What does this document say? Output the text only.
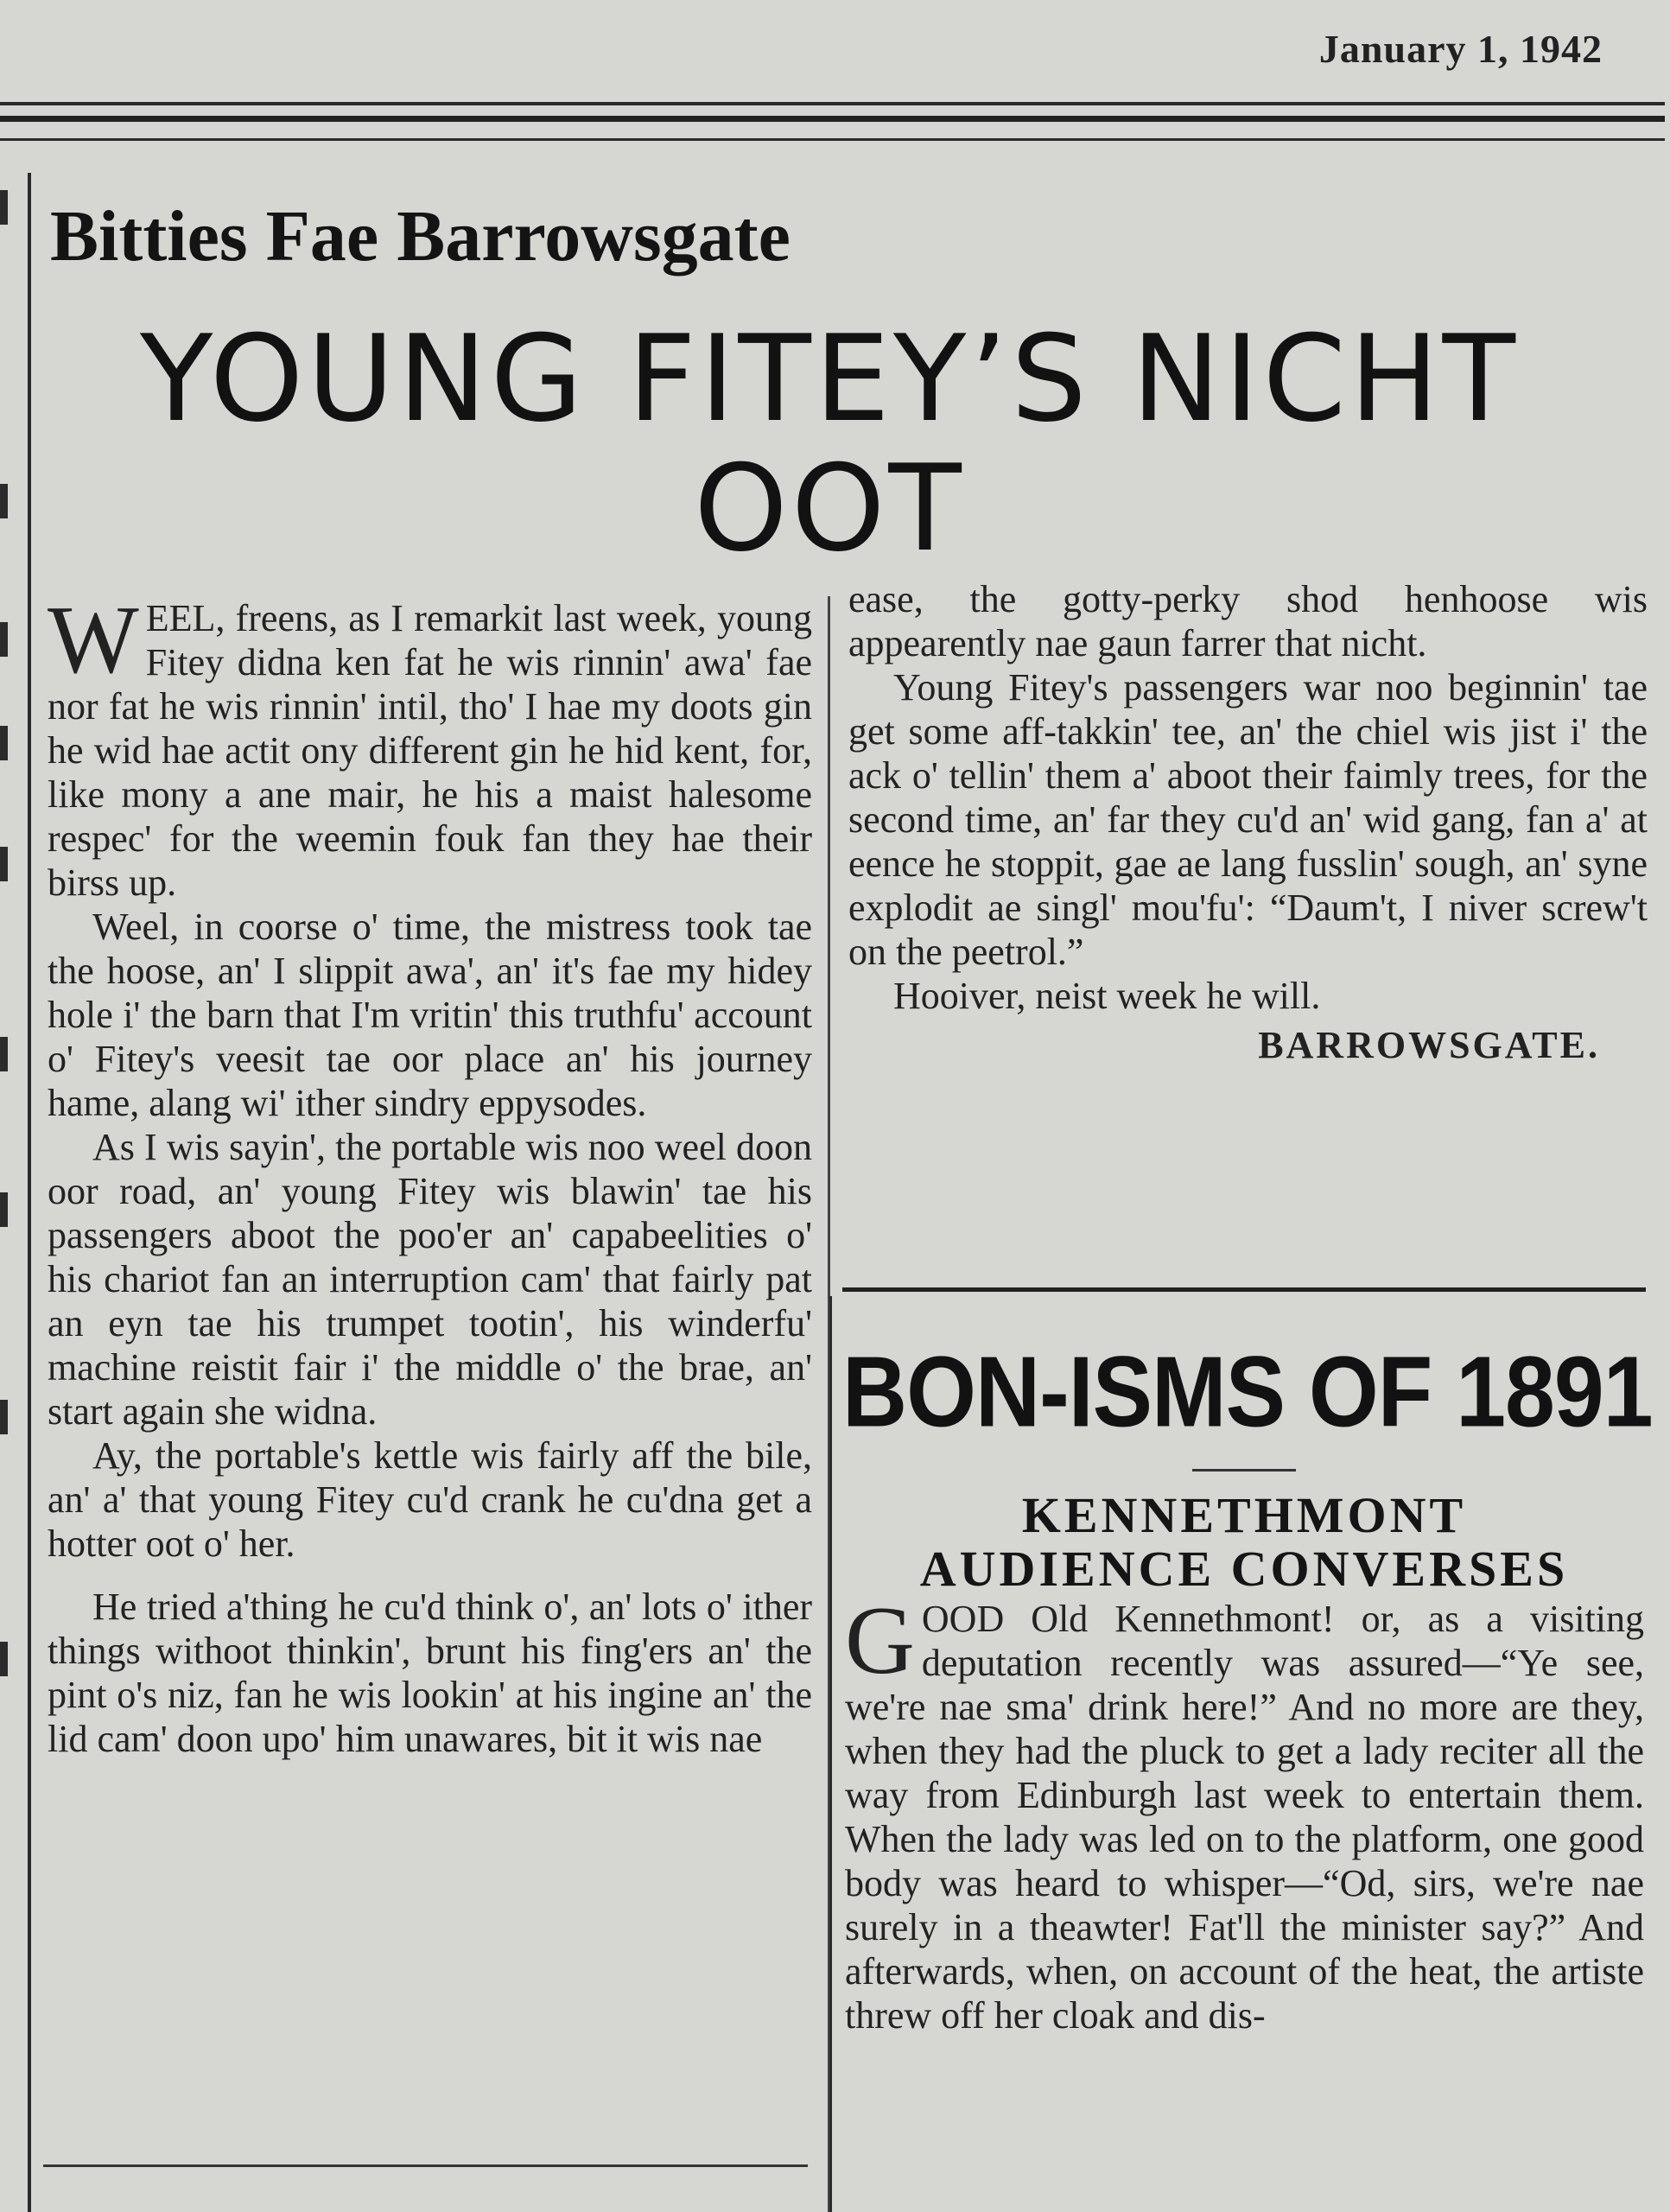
January 1, 1942
Bitties Fae Barrowsgate
YOUNG FITEY’S NICHT
OOT

WEEL, freens, as I remarkit last week, young Fitey didna ken fat he wis rinnin' awa' fae nor fat he wis rinnin' intil, tho' I hae my doots gin he wid hae actit ony different gin he hid kent, for, like mony a ane mair, he his a maist halesome respec' for the weemin fouk fan they hae their birss up.

Weel, in coorse o' time, the mistress took tae the hoose, an' I slippit awa', an' it's fae my hidey hole i' the barn that I'm vritin' this truthfu' account o' Fitey's veesit tae oor place an' his journey hame, alang wi' ither sindry eppysodes.

As I wis sayin', the portable wis noo weel doon oor road, an' young Fitey wis blawin' tae his passengers aboot the poo'er an' capabeelities o' his chariot fan an interruption cam' that fairly pat an eyn tae his trumpet tootin', his winderfu' machine reistit fair i' the middle o' the brae, an' start again she widna.

Ay, the portable's kettle wis fairly aff the bile, an' a' that young Fitey cu'd crank he cu'dna get a hotter oot o' her.

He tried a'thing he cu'd think o', an' lots o' ither things withoot thinkin', brunt his fing'ers an' the pint o's niz, fan he wis lookin' at his ingine an' the lid cam' doon upo' him unawares, bit it wis nae

ease, the gotty-perky shod henhoose wis appearently nae gaun farrer that nicht.

Young Fitey's passengers war noo beginnin' tae get some aff-takkin' tee, an' the chiel wis jist i' the ack o' tellin' them a' aboot their faimly trees, for the second time, an' far they cu'd an' wid gang, fan a' at eence he stoppit, gae ae lang fusslin' sough, an' syne explodit ae singl' mou'fu': “Daum't, I niver screw't on the peetrol.”

Hooiver, neist week he will.

BARROWSGATE.
BON-ISMS OF 1891
KENNETHMONT
AUDIENCE CONVERSES

GOOD Old Kennethmont! or, as a visiting deputation recently was assured—“Ye see, we're nae sma' drink here!” And no more are they, when they had the pluck to get a lady reciter all the way from Edinburgh last week to entertain them. When the lady was led on to the platform, one good body was heard to whisper—“Od, sirs, we're nae surely in a theawter! Fat'll the minister say?” And afterwards, when, on account of the heat, the artiste threw off her cloak and dis-
